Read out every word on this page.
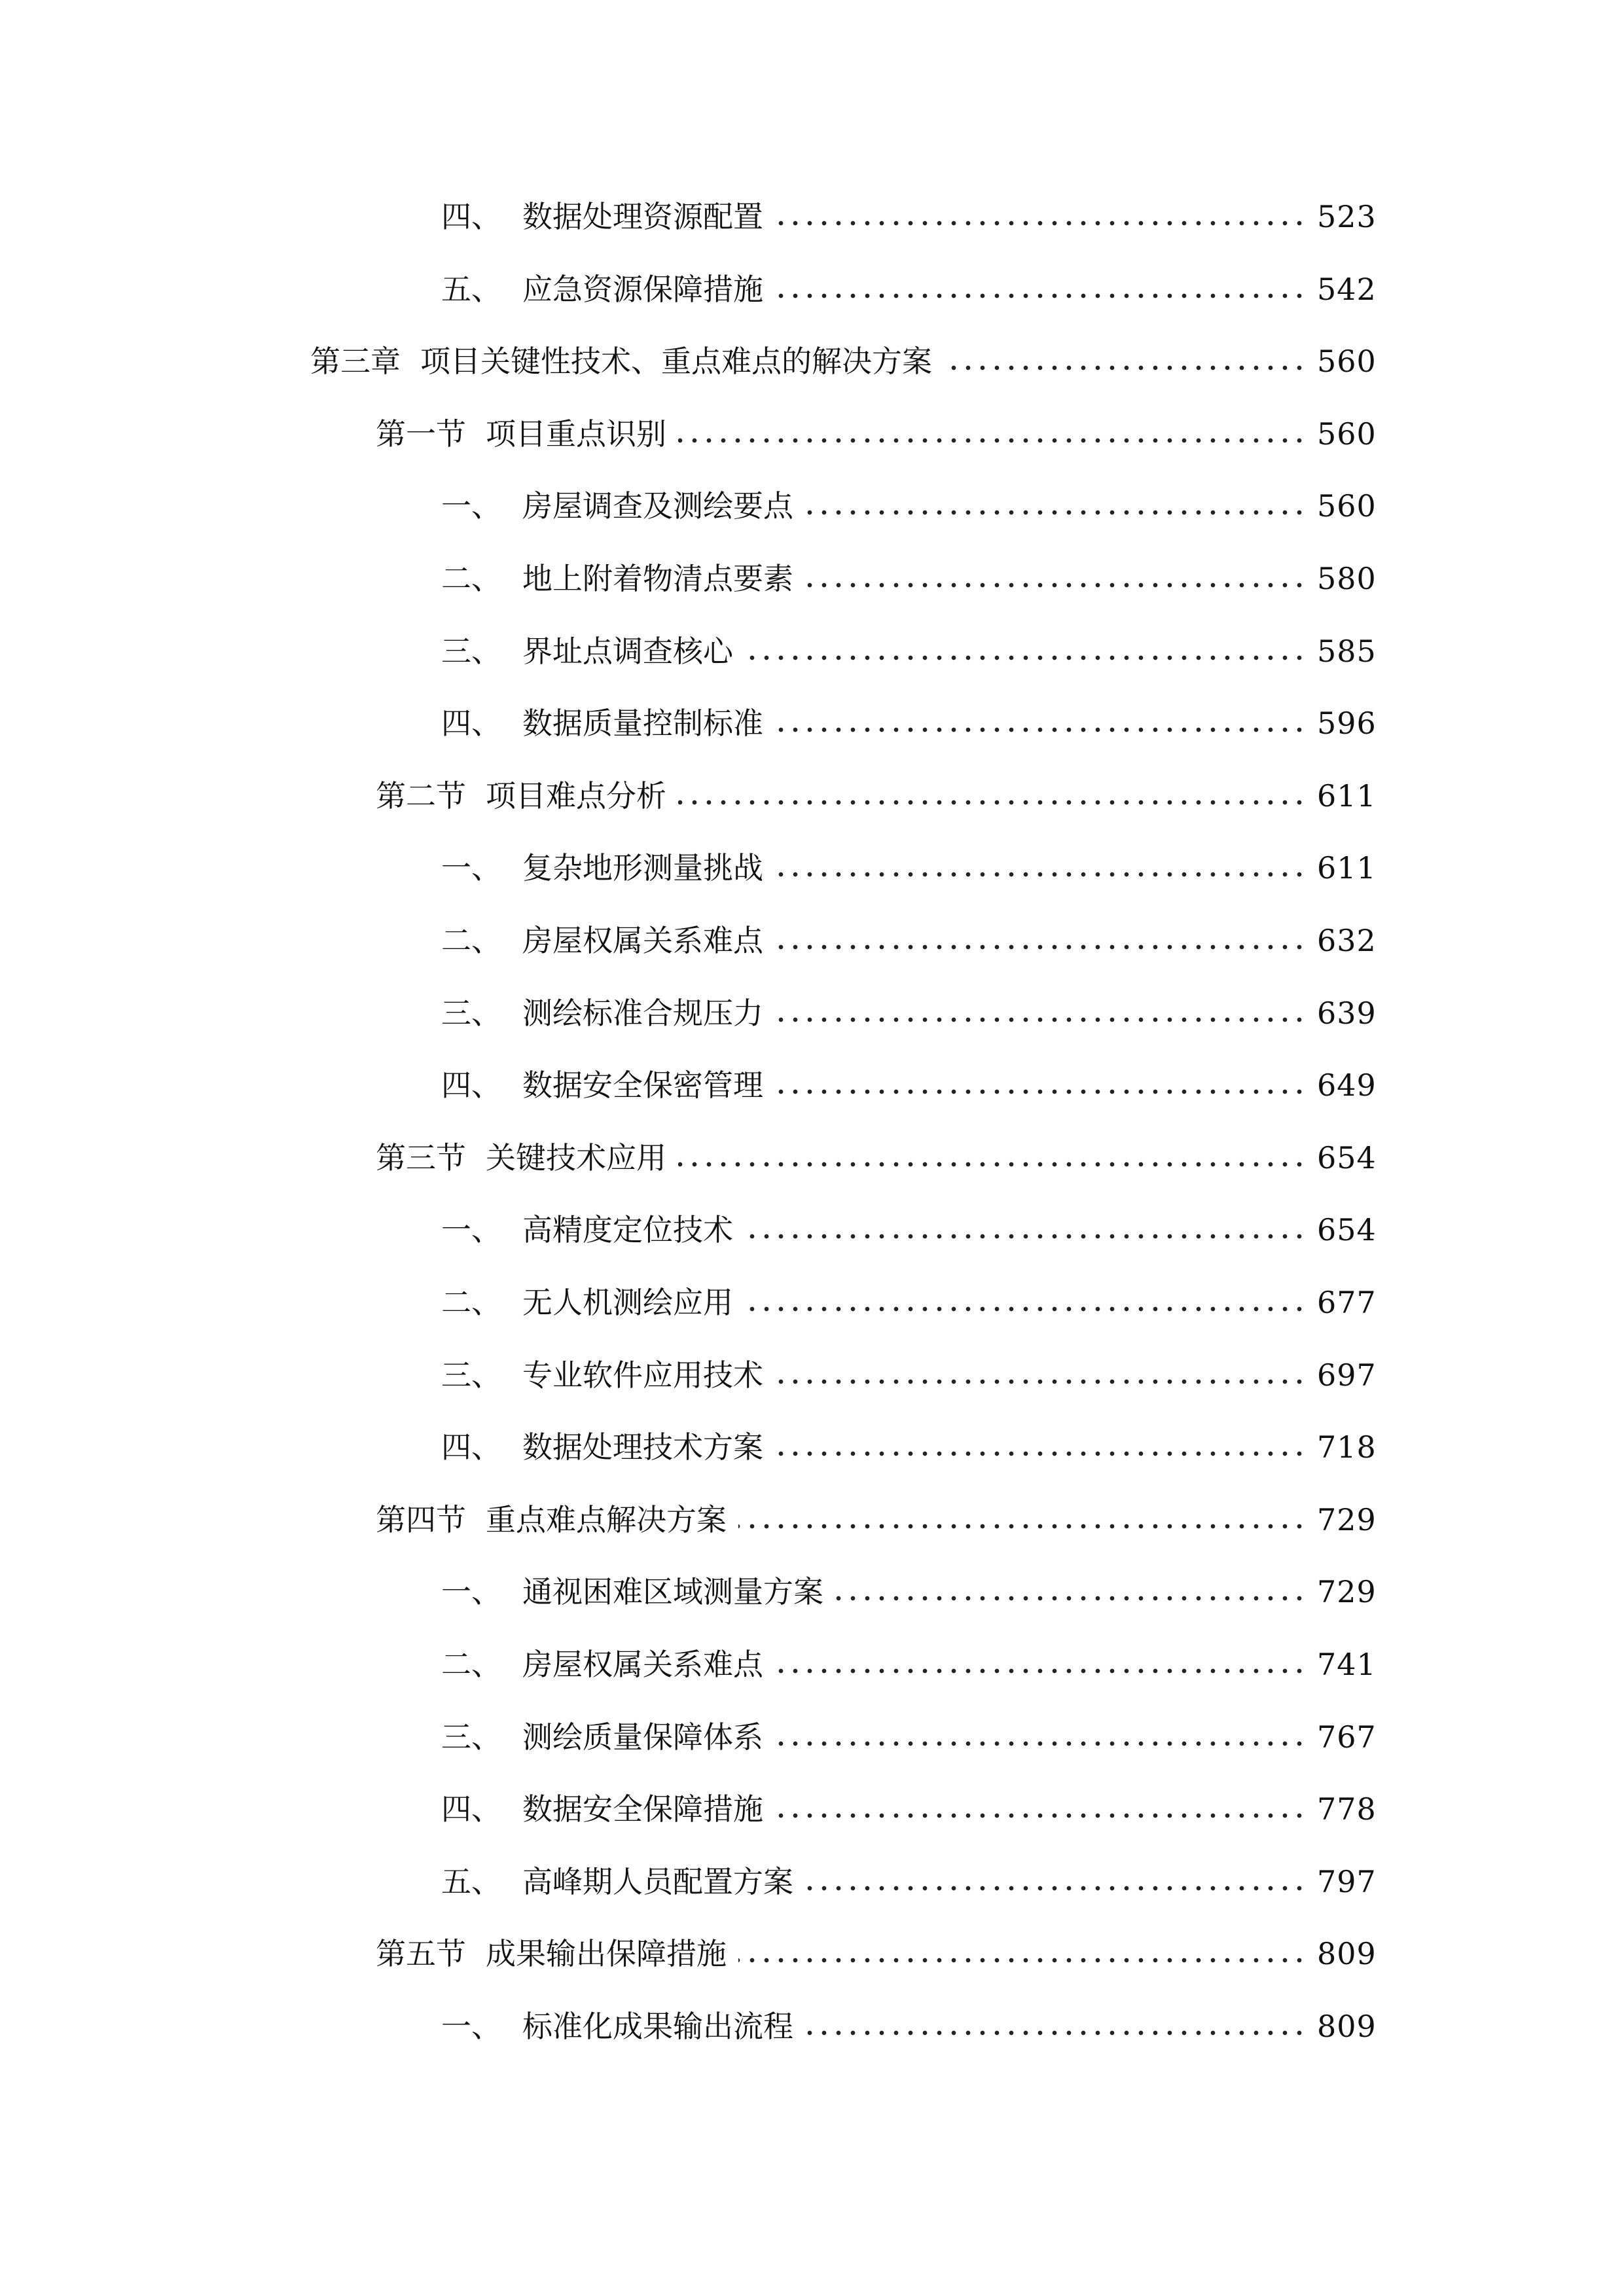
四、 数据处理资源配置	523
五、 应急资源保障措施	542
第三章 项目关键性技术、重点难点的解决方案	560
第一节 项目重点识别	560
一、 房屋调查及测绘要点	560
二、 地上附着物清点要素	580
三、 界址点调查核心	585
四、 数据质量控制标准	596
第二节 项目难点分析	611
一、 复杂地形测量挑战	611
二、 房屋权属关系难点	632
三、 测绘标准合规压力	639
四、 数据安全保密管理	649
第三节 关键技术应用	654
一、 高精度定位技术	654
二、 无人机测绘应用	677
三、 专业软件应用技术	697
四、 数据处理技术方案	718
第四节 重点难点解决方案	729
一、 通视困难区域测量方案	729
二、 房屋权属关系难点	741
三、 测绘质量保障体系	767
四、 数据安全保障措施	778
五、 高峰期人员配置方案	797
第五节 成果输出保障措施	809
一、 标准化成果输出流程	809
